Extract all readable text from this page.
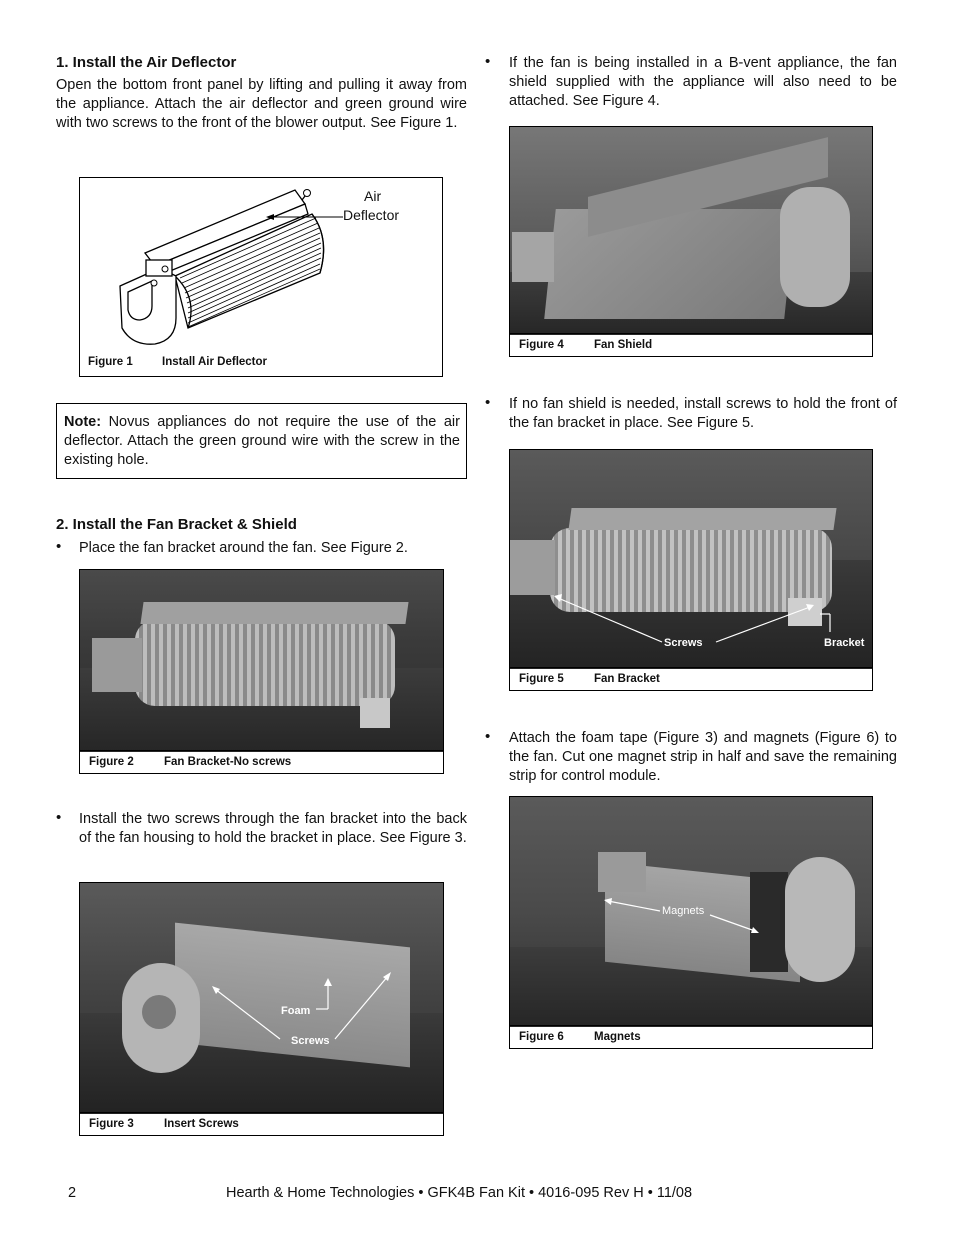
1. Install the Air Deflector
Open the bottom front panel by lifting and pulling it away from the appliance. Attach the air deflector and green ground wire with two screws to the front of the blower output. See Figure 1.
Air
Deflector
Figure 1	Install Air Deflector
Note: Novus appliances do not require the use of the air deflector. Attach the green ground wire with the screw in the existing hole.
2. Install the Fan Bracket & Shield
• Place the fan bracket around the fan. See Figure 2.
Figure 2	Fan Bracket-No screws
• Install the two screws through the fan bracket into the back of the fan housing to hold the bracket in place. See Figure 3.
Foam
Screws
Figure 3	Insert Screws
• If the fan is being installed in a B-vent appliance, the fan shield supplied with the appliance will also need to be attached. See Figure 4.
Figure 4	Fan Shield
• If no fan shield is needed, install screws to hold the front of the fan bracket in place. See Figure 5.
Screws	Bracket
Figure 5	Fan Bracket
• Attach the foam tape (Figure 3) and magnets (Figure 6) to the fan. Cut one magnet strip in half and save the remaining strip for control module.
Magnets
Figure 6	Magnets
2	Hearth & Home Technologies • GFK4B Fan Kit • 4016-095 Rev H • 11/08
